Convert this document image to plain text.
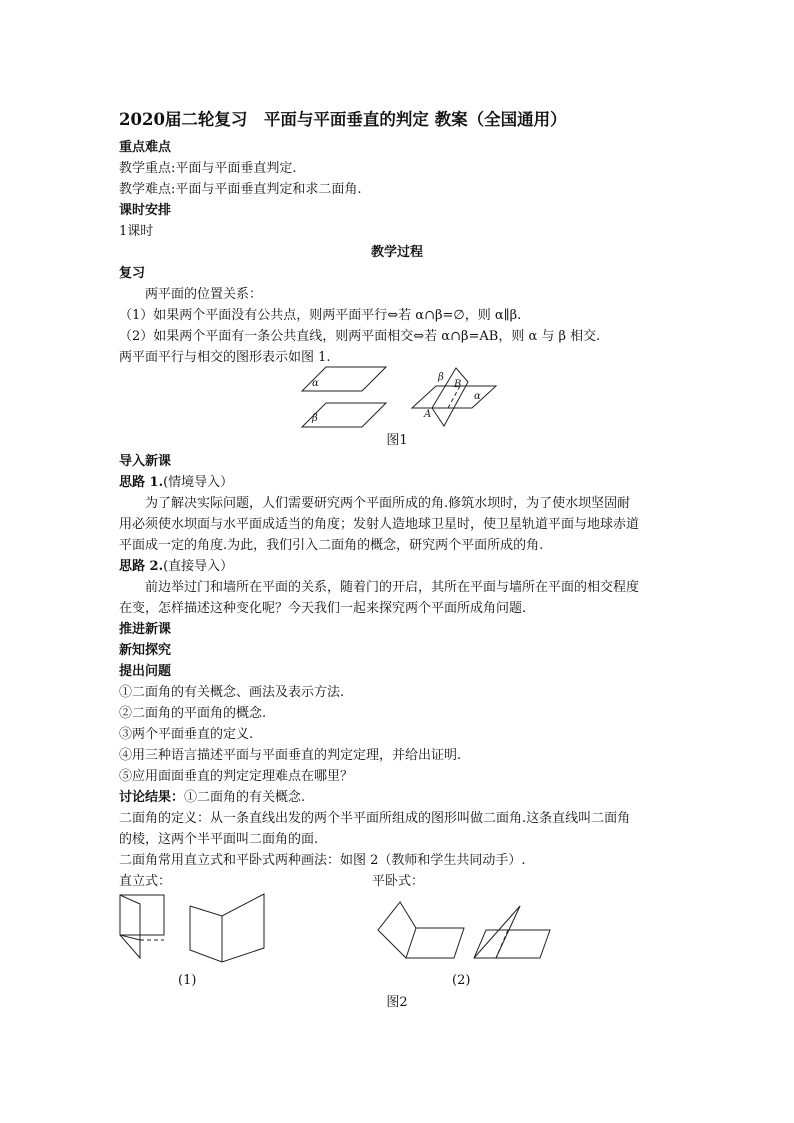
2020届二轮复习　平面与平面垂直的判定 教案（全国通用）
重点难点
教学重点:平面与平面垂直判定.
教学难点:平面与平面垂直判定和求二面角.
课时安排
1课时
教学过程
复习
两平面的位置关系：
（1）如果两个平面没有公共点，则两平面平行⇔若 α∩β=∅，则 α∥β.
（2）如果两个平面有一条公共直线，则两平面相交⇔若 α∩β=AB，则 α 与 β 相交.
两平面平行与相交的图形表示如图 1.
α
β
β
α
B
A
图1
导入新课
思路 1.(情境导入）
为了解决实际问题，人们需要研究两个平面所成的角.修筑水坝时，为了使水坝坚固耐
用必须使水坝面与水平面成适当的角度；发射人造地球卫星时，使卫星轨道平面与地球赤道
平面成一定的角度.为此，我们引入二面角的概念，研究两个平面所成的角.
思路 2.(直接导入）
前边举过门和墙所在平面的关系，随着门的开启，其所在平面与墙所在平面的相交程度
在变，怎样描述这种变化呢？今天我们一起来探究两个平面所成角问题.
推进新课
新知探究
提出问题
①二面角的有关概念、画法及表示方法.
②二面角的平面角的概念.
③两个平面垂直的定义.
④用三种语言描述平面与平面垂直的判定定理，并给出证明.
⑤应用面面垂直的判定定理难点在哪里？
讨论结果：①二面角的有关概念.
二面角的定义：从一条直线出发的两个半平面所组成的图形叫做二面角.这条直线叫二面角
的棱，这两个半平面叫二面角的面.
二面角常用直立式和平卧式两种画法：如图 2（教师和学生共同动手）.
直立式：	平卧式：
(1)	(2)
图2
